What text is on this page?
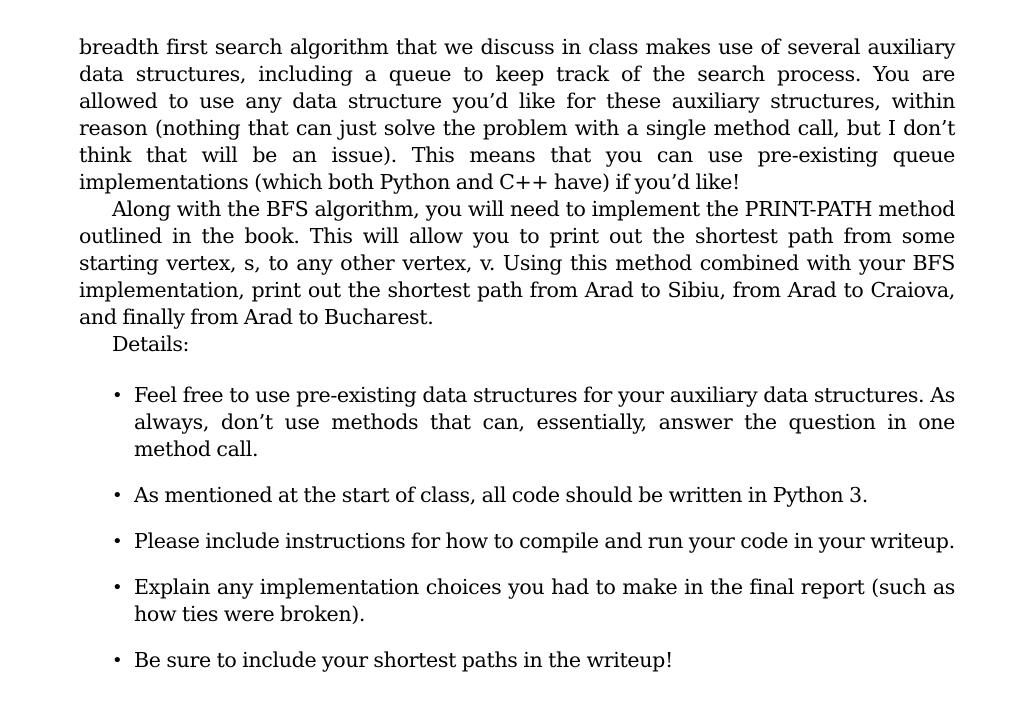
breadth first search algorithm that we discuss in class makes use of several auxiliary data structures, including a queue to keep track of the search process. You are allowed to use any data structure you’d like for these auxiliary structures, within reason (nothing that can just solve the problem with a single method call, but I don’t think that will be an issue). This means that you can use pre-existing queue implementations (which both Python and C++ have) if you’d like!

Along with the BFS algorithm, you will need to implement the PRINT-PATH method outlined in the book. This will allow you to print out the shortest path from some starting vertex, s, to any other vertex, v. Using this method combined with your BFS implementation, print out the shortest path from Arad to Sibiu, from Arad to Craiova, and finally from Arad to Bucharest.

Details:

• Feel free to use pre-existing data structures for your auxiliary data structures. As always, don’t use methods that can, essentially, answer the question in one method call.
• As mentioned at the start of class, all code should be written in Python 3.
• Please include instructions for how to compile and run your code in your writeup.
• Explain any implementation choices you had to make in the final report (such as how ties were broken).
• Be sure to include your shortest paths in the writeup!
